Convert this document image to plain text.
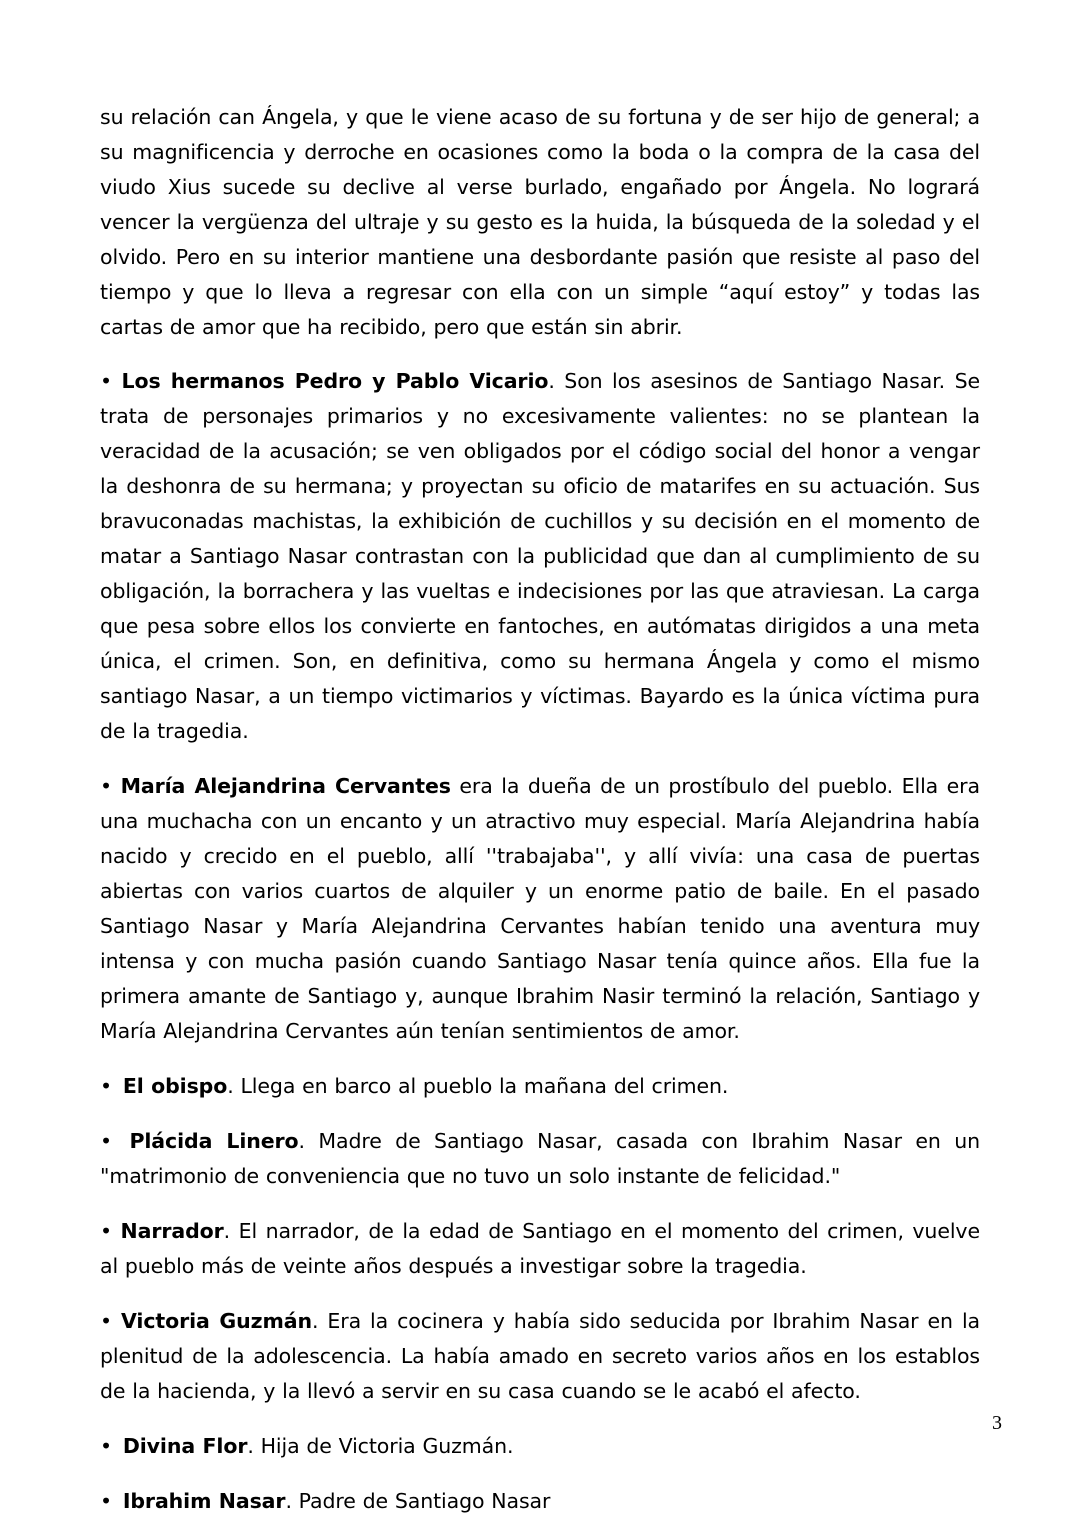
su relación can Ángela, y que le viene acaso de su fortuna y de ser hijo de general; a su magnificencia y derroche en ocasiones como la boda o la compra de la casa del viudo Xius sucede su declive al verse burlado, engañado por Ángela. No logrará vencer la vergüenza del ultraje y su gesto es la huida, la búsqueda de la soledad y el olvido. Pero en su interior mantiene una desbordante pasión que resiste al paso del tiempo y que lo lleva a regresar con ella con un simple “aquí estoy” y todas las cartas de amor que ha recibido, pero que están sin abrir.

• Los hermanos Pedro y Pablo Vicario. Son los asesinos de Santiago Nasar. Se trata de personajes primarios y no excesivamente valientes: no se plantean la veracidad de la acusación; se ven obligados por el código social del honor a vengar la deshonra de su hermana; y proyectan su oficio de matarifes en su actuación. Sus bravuconadas machistas, la exhibición de cuchillos y su decisión en el momento de matar a Santiago Nasar contrastan con la publicidad que dan al cumplimiento de su obligación, la borrachera y las vueltas e indecisiones por las que atraviesan. La carga que pesa sobre ellos los convierte en fantoches, en autómatas dirigidos a una meta única, el crimen. Son, en definitiva, como su hermana Ángela y como el mismo santiago Nasar, a un tiempo victimarios y víctimas. Bayardo es la única víctima pura de la tragedia.

• María Alejandrina Cervantes era la dueña de un prostíbulo del pueblo. Ella era una muchacha con un encanto y un atractivo muy especial. María Alejandrina había nacido y crecido en el pueblo, allí ''trabajaba'', y allí vivía: una casa de puertas abiertas con varios cuartos de alquiler y un enorme patio de baile. En el pasado Santiago Nasar y María Alejandrina Cervantes habían tenido una aventura muy intensa y con mucha pasión cuando Santiago Nasar tenía quince años. Ella fue la primera amante de Santiago y, aunque Ibrahim Nasir terminó la relación, Santiago y María Alejandrina Cervantes aún tenían sentimientos de amor.

• El obispo. Llega en barco al pueblo la mañana del crimen.

• Plácida Linero. Madre de Santiago Nasar, casada con Ibrahim Nasar en un "matrimonio de conveniencia que no tuvo un solo instante de felicidad."

• Narrador. El narrador, de la edad de Santiago en el momento del crimen, vuelve al pueblo más de veinte años después a investigar sobre la tragedia.

• Victoria Guzmán. Era la cocinera y había sido seducida por Ibrahim Nasar en la plenitud de la adolescencia. La había amado en secreto varios años en los establos de la hacienda, y la llevó a servir en su casa cuando se le acabó el afecto.

• Divina Flor. Hija de Victoria Guzmán.

• Ibrahim Nasar. Padre de Santiago Nasar

3
